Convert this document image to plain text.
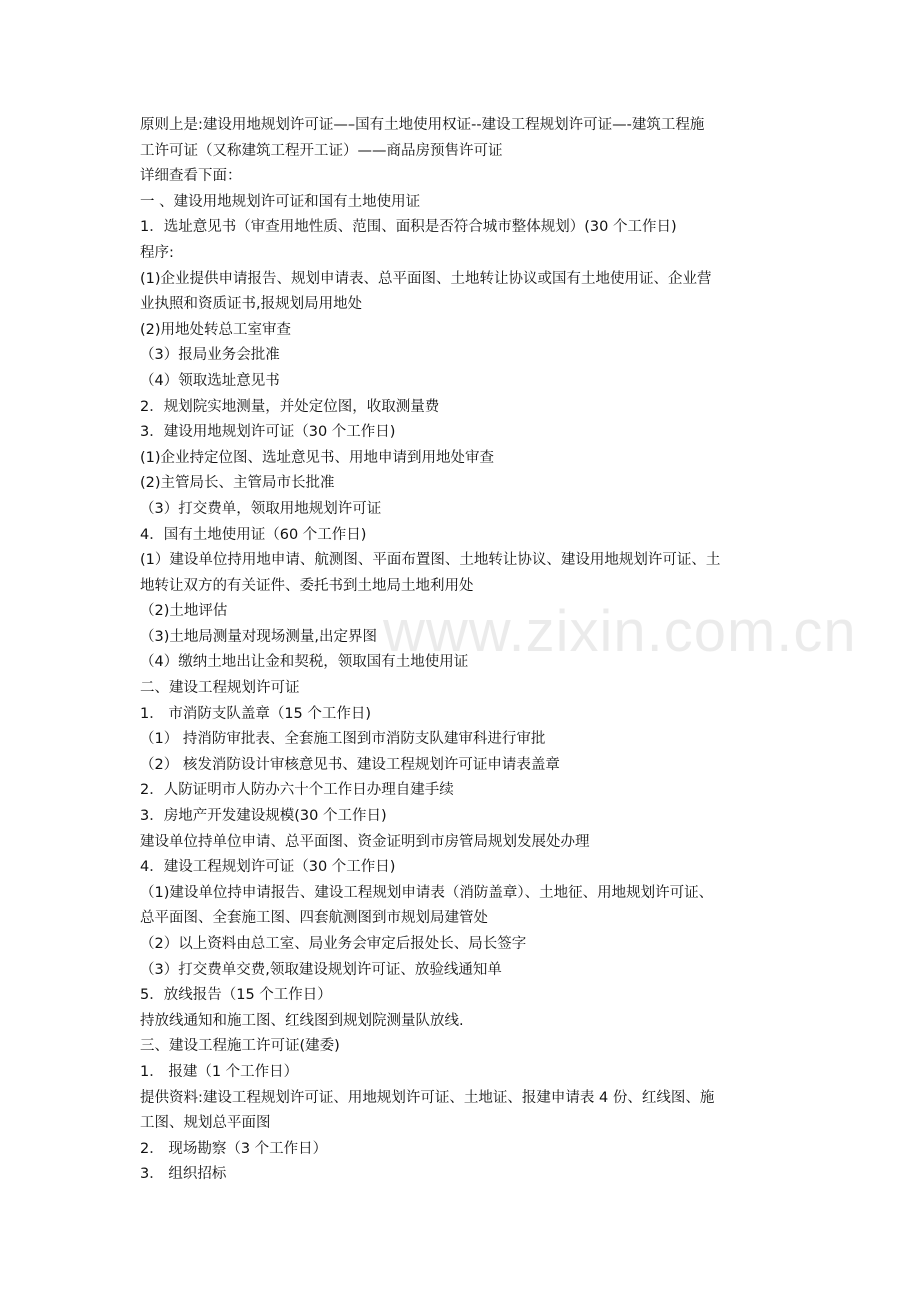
原则上是:建设用地规划许可证—–国有土地使用权证--建设工程规划许可证—-建筑工程施
工许可证（又称建筑工程开工证）——商品房预售许可证
详细查看下面：
一 、建设用地规划许可证和国有土地使用证
1．选址意见书（审查用地性质、范围、面积是否符合城市整体规划）(30 个工作日)
程序:
(1)企业提供申请报告、规划申请表、总平面图、土地转让协议或国有土地使用证、企业营
业执照和资质证书,报规划局用地处
(2)用地处转总工室审查
（3）报局业务会批准
（4）领取选址意见书
2．规划院实地测量，并处定位图，收取测量费
3．建设用地规划许可证（30 个工作日)
(1)企业持定位图、选址意见书、用地申请到用地处审查
(2)主管局长、主管局市长批准
（3）打交费单，领取用地规划许可证
4．国有土地使用证（60 个工作日)
(1）建设单位持用地申请、航测图、平面布置图、土地转让协议、建设用地规划许可证、土
地转让双方的有关证件、委托书到土地局土地利用处
（2)土地评估
（3)土地局测量对现场测量,出定界图
（4）缴纳土地出让金和契税，领取国有土地使用证
二、建设工程规划许可证
1． 市消防支队盖章（15 个工作日)
（1） 持消防审批表、全套施工图到市消防支队建审科进行审批
（2） 核发消防设计审核意见书、建设工程规划许可证申请表盖章
2．人防证明市人防办六十个工作日办理自建手续
3．房地产开发建设规模(30 个工作日)
建设单位持单位申请、总平面图、资金证明到市房管局规划发展处办理
4．建设工程规划许可证（30 个工作日)
（1)建设单位持申请报告、建设工程规划申请表（消防盖章）、土地征、用地规划许可证、
总平面图、全套施工图、四套航测图到市规划局建管处
（2）以上资料由总工室、局业务会审定后报处长、局长签字
（3）打交费单交费,领取建设规划许可证、放验线通知单
5．放线报告（15 个工作日）
持放线通知和施工图、红线图到规划院测量队放线.
三、建设工程施工许可证(建委)
1． 报建（1 个工作日）
提供资料:建设工程规划许可证、用地规划许可证、土地证、报建申请表 4 份、红线图、施
工图、规划总平面图
2． 现场勘察（3 个工作日）
3． 组织招标
www.zixin.com.cn
